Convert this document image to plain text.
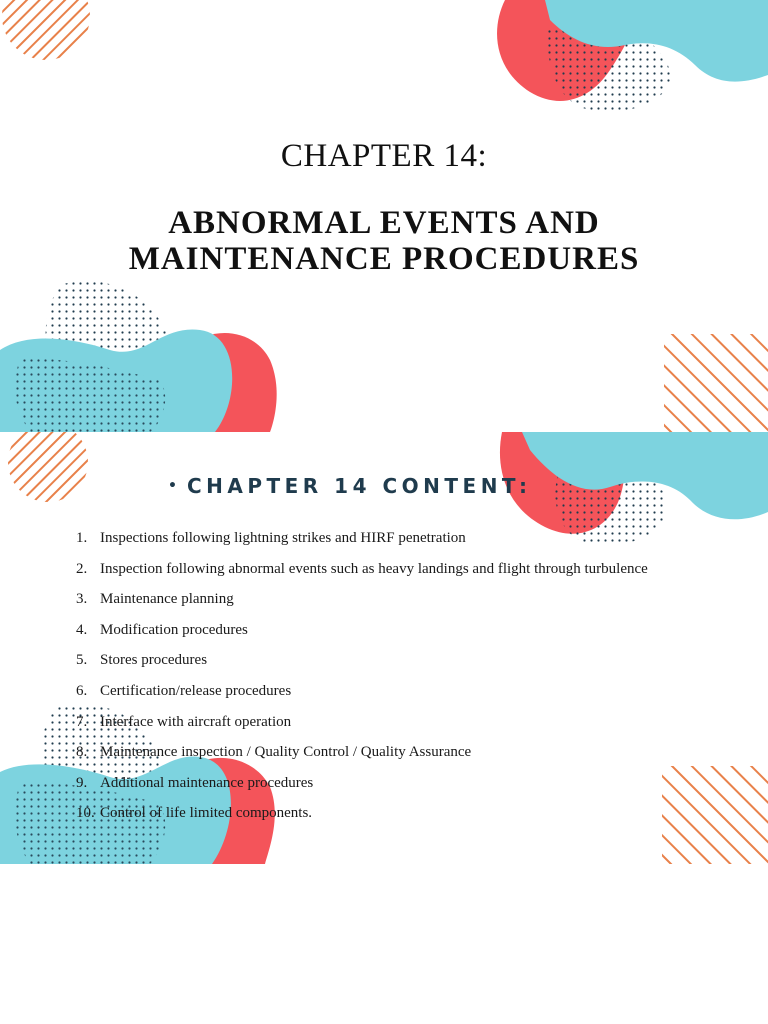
CHAPTER 14:
ABNORMAL EVENTS AND
MAINTENANCE PROCEDURES
• CHAPTER 14 CONTENT:
1. Inspections following lightning strikes and HIRF penetration
2. Inspection following abnormal events such as heavy landings and flight through turbulence
3. Maintenance planning
4. Modification procedures
5. Stores procedures
6. Certification/release procedures
7. Interface with aircraft operation
8. Maintenance inspection / Quality Control / Quality Assurance
9. Additional maintenance procedures
10. Control of life limited components.
